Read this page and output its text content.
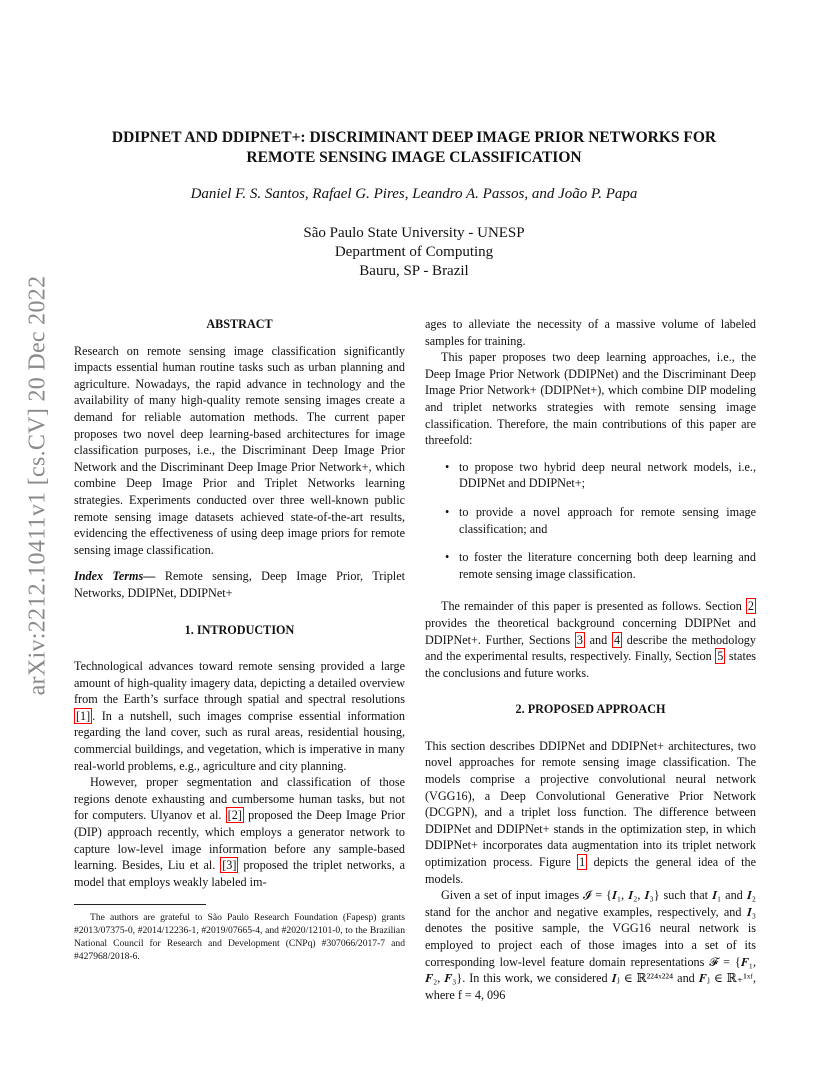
arXiv:2212.10411v1 [cs.CV] 20 Dec 2022
DDIPNET AND DDIPNET+: DISCRIMINANT DEEP IMAGE PRIOR NETWORKS FOR REMOTE SENSING IMAGE CLASSIFICATION
Daniel F. S. Santos, Rafael G. Pires, Leandro A. Passos, and João P. Papa
São Paulo State University - UNESP
Department of Computing
Bauru, SP - Brazil

ABSTRACT

Research on remote sensing image classification significantly impacts essential human routine tasks such as urban planning and agriculture. Nowadays, the rapid advance in technology and the availability of many high-quality remote sensing images create a demand for reliable automation methods. The current paper proposes two novel deep learning-based architectures for image classification purposes, i.e., the Discriminant Deep Image Prior Network and the Discriminant Deep Image Prior Network+, which combine Deep Image Prior and Triplet Networks learning strategies. Experiments conducted over three well-known public remote sensing image datasets achieved state-of-the-art results, evidencing the effectiveness of using deep image priors for remote sensing image classification.

Index Terms— Remote sensing, Deep Image Prior, Triplet Networks, DDIPNet, DDIPNet+

1. INTRODUCTION

Technological advances toward remote sensing provided a large amount of high-quality imagery data, depicting a detailed overview from the Earth’s surface through spatial and spectral resolutions [1] . In a nutshell, such images comprise essential information regarding the land cover, such as rural areas, residential housing, commercial buildings, and vegetation, which is imperative in many real-world problems, e.g., agriculture and city planning.

However, proper segmentation and classification of those regions denote exhausting and cumbersome human tasks, but not for computers. Ulyanov et al. [2] proposed the Deep Image Prior (DIP) approach recently, which employs a generator network to capture low-level image information before any sample-based learning. Besides, Liu et al. [3] proposed the triplet networks, a model that employs weakly labeled im-

The authors are grateful to São Paulo Research Foundation (Fapesp) grants #2013/07375-0, #2014/12236-1, #2019/07665-4, and #2020/12101-0, to the Brazilian National Council for Research and Development (CNPq) #307066/2017-7 and #427968/2018-6.

ages to alleviate the necessity of a massive volume of labeled samples for training.

This paper proposes two deep learning approaches, i.e., the Deep Image Prior Network (DDIPNet) and the Discriminant Deep Image Prior Network+ (DDIPNet+), which combine DIP modeling and triplet networks strategies with remote sensing image classification. Therefore, the main contributions of this paper are threefold:

• to propose two hybrid deep neural network models, i.e., DDIPNet and DDIPNet+;
• to provide a novel approach for remote sensing image classification; and
• to foster the literature concerning both deep learning and remote sensing image classification.

The remainder of this paper is presented as follows. Section 2 provides the theoretical background concerning DDIPNet and DDIPNet+. Further, Sections 3 and 4 describe the methodology and the experimental results, respectively. Finally, Section 5 states the conclusions and future works.

2. PROPOSED APPROACH

This section describes DDIPNet and DDIPNet+ architectures, two novel approaches for remote sensing image classification. The models comprise a projective convolutional neural network (VGG16), a Deep Convolutional Generative Prior Network (DCGPN), and a triplet loss function. The difference between DDIPNet and DDIPNet+ stands in the optimization step, in which DDIPNet+ incorporates data augmentation into its triplet network optimization process. Figure 1 depicts the general idea of the models.

Given a set of input images 𝓘 = {𝑰₁, 𝑰₂, 𝑰₃} such that 𝑰₁ and 𝑰₂ stand for the anchor and negative examples, respectively, and 𝑰₃ denotes the positive sample, the VGG16 neural network is employed to project each of those images into a set of its corresponding low-level feature domain representations 𝓕 = {𝑭₁, 𝑭₂, 𝑭₃}. In this work, we considered 𝑰ⱼ ∈ ℝ²²⁴ˣ²²⁴ and 𝑭ⱼ ∈ ℝ₊¹ˣᶠ, where f = 4, 096
